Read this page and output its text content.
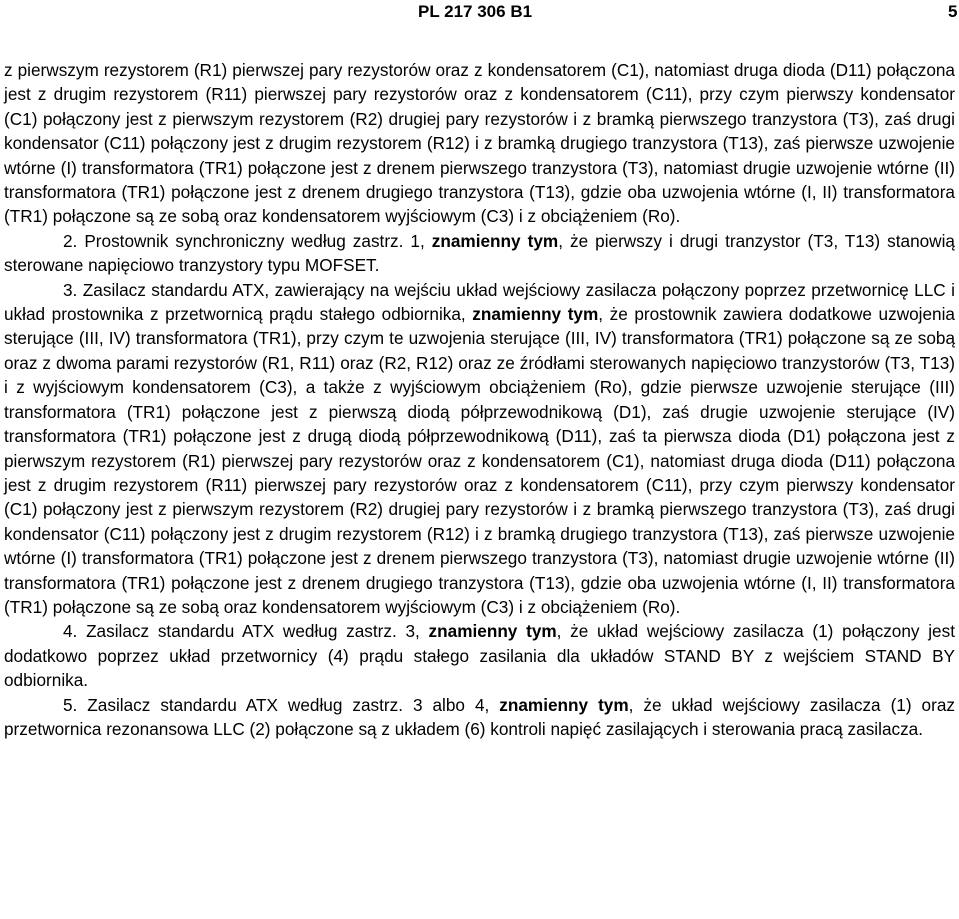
PL 217 306 B1	5

z pierwszym rezystorem (R1) pierwszej pary rezystorów oraz z kondensatorem (C1), natomiast druga dioda (D11) połączona jest z drugim rezystorem (R11) pierwszej pary rezystorów oraz z kondensatorem (C11), przy czym pierwszy kondensator (C1) połączony jest z pierwszym rezystorem (R2) drugiej pary rezystorów i z bramką pierwszego tranzystora (T3), zaś drugi kondensator (C11) połączony jest z drugim rezystorem (R12) i z bramką drugiego tranzystora (T13), zaś pierwsze uzwojenie wtórne (I) transformatora (TR1) połączone jest z drenem pierwszego tranzystora (T3), natomiast drugie uzwojenie wtórne (II) transformatora (TR1) połączone jest z drenem drugiego tranzystora (T13), gdzie oba uzwojenia wtórne (I, II) transformatora (TR1) połączone są ze sobą oraz kondensatorem wyjściowym (C3) i z obciążeniem (Ro).

2. Prostownik synchroniczny według zastrz. 1, znamienny tym, że pierwszy i drugi tranzystor (T3, T13) stanowią sterowane napięciowo tranzystory typu MOFSET.

3. Zasilacz standardu ATX, zawierający na wejściu układ wejściowy zasilacza połączony poprzez przetwornicę LLC i układ prostownika z przetwornicą prądu stałego odbiornika, znamienny tym, że prostownik zawiera dodatkowe uzwojenia sterujące (III, IV) transformatora (TR1), przy czym te uzwojenia sterujące (III, IV) transformatora (TR1) połączone są ze sobą oraz z dwoma parami rezystorów (R1, R11) oraz (R2, R12) oraz ze źródłami sterowanych napięciowo tranzystorów (T3, T13) i z wyjściowym kondensatorem (C3), a także z wyjściowym obciążeniem (Ro), gdzie pierwsze uzwojenie sterujące (III) transformatora (TR1) połączone jest z pierwszą diodą półprzewodnikową (D1), zaś drugie uzwojenie sterujące (IV) transformatora (TR1) połączone jest z drugą diodą półprzewodnikową (D11), zaś ta pierwsza dioda (D1) połączona jest z pierwszym rezystorem (R1) pierwszej pary rezystorów oraz z kondensatorem (C1), natomiast druga dioda (D11) połączona jest z drugim rezystorem (R11) pierwszej pary rezystorów oraz z kondensatorem (C11), przy czym pierwszy kondensator (C1) połączony jest z pierwszym rezystorem (R2) drugiej pary rezystorów i z bramką pierwszego tranzystora (T3), zaś drugi kondensator (C11) połączony jest z drugim rezystorem (R12) i z bramką drugiego tranzystora (T13), zaś pierwsze uzwojenie wtórne (I) transformatora (TR1) połączone jest z drenem pierwszego tranzystora (T3), natomiast drugie uzwojenie wtórne (II) transformatora (TR1) połączone jest z drenem drugiego tranzystora (T13), gdzie oba uzwojenia wtórne (I, II) transformatora (TR1) połączone są ze sobą oraz kondensatorem wyjściowym (C3) i z obciążeniem (Ro).

4. Zasilacz standardu ATX według zastrz. 3, znamienny tym, że układ wejściowy zasilacza (1) połączony jest dodatkowo poprzez układ przetwornicy (4) prądu stałego zasilania dla układów STAND BY z wejściem STAND BY odbiornika.

5. Zasilacz standardu ATX według zastrz. 3 albo 4, znamienny tym, że układ wejściowy zasilacza (1) oraz przetwornica rezonansowa LLC (2) połączone są z układem (6) kontroli napięć zasilających i sterowania pracą zasilacza.
